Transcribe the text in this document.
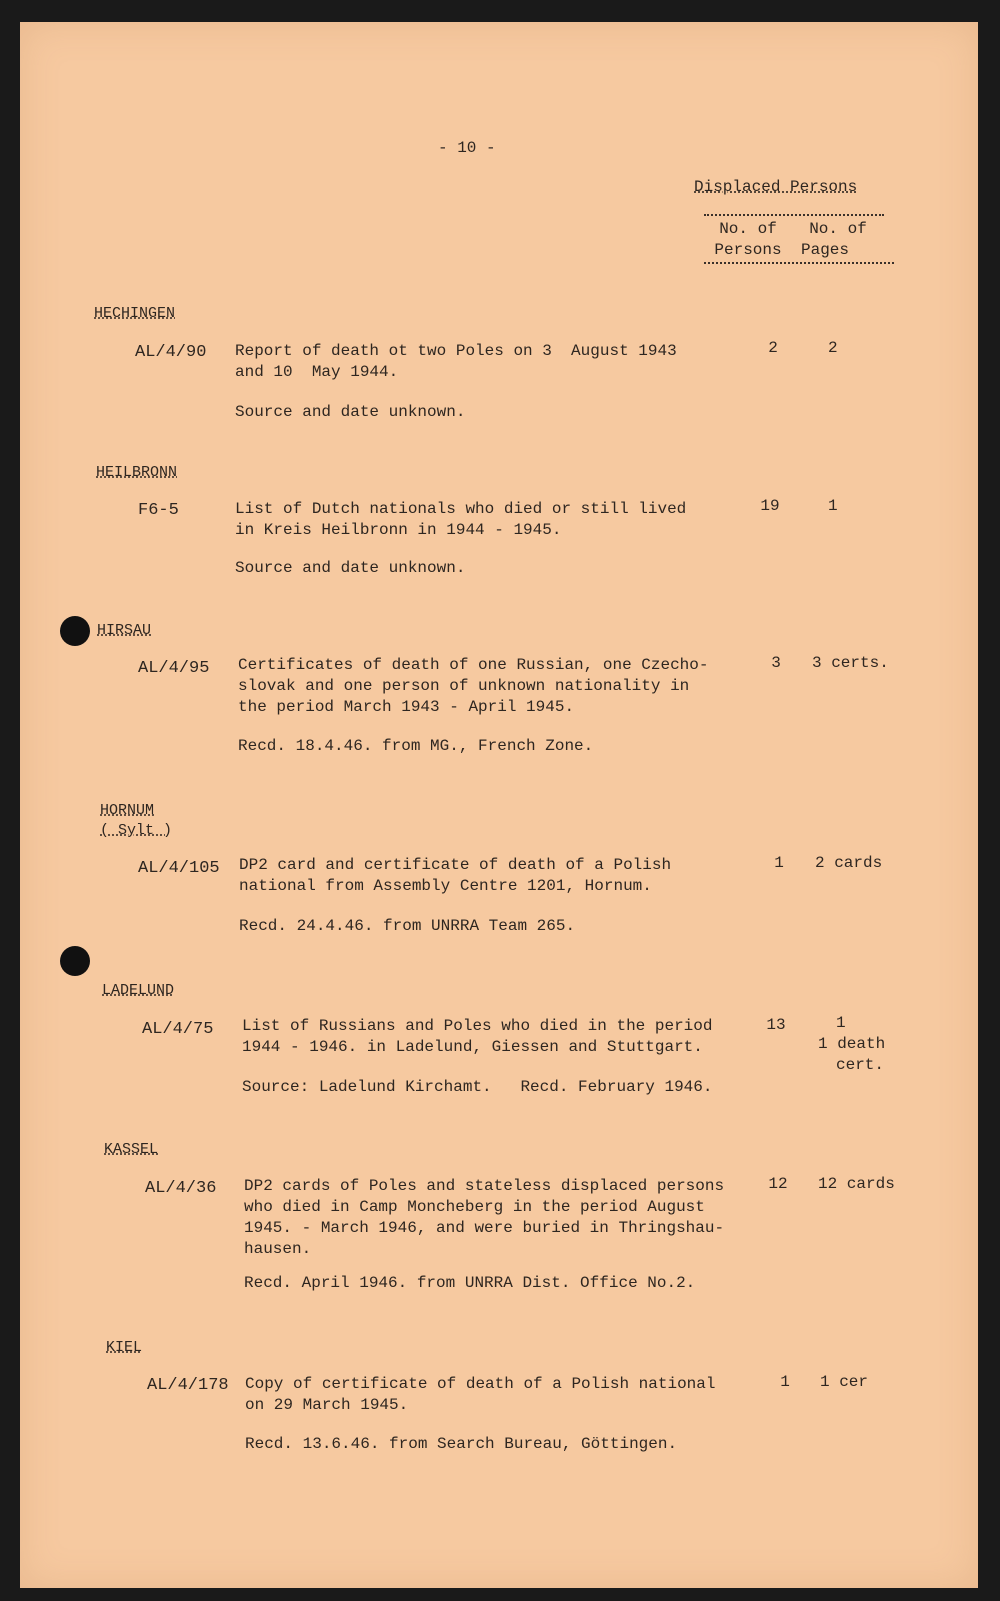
- 10 -
Displaced Persons
No. of
Persons
No. of
Pages
HECHINGEN
AL/4/90 Report of death ot two Poles on 3  August 1943
and 10  May 1944.
Source and date unknown.
2	2
HEILBRONN
F6-5	List of Dutch nationals who died or still lived
in Kreis Heilbronn in 1944 - 1945.
Source and date unknown.
19	1
HIRSAU
AL/4/95 Certificates of death of one Russian, one Czecho-
slovak and one person of unknown nationality in
the period March 1943 - April 1945.
Recd. 18.4.46. from MG., French Zone.
3	3 certs.
HORNUM
( Sylt )
AL/4/105 DP2 card and certificate of death of a Polish
national from Assembly Centre 1201, Hornum.
Recd. 24.4.46. from UNRRA Team 265.
1	2 cards
LADELUND
AL/4/75 List of Russians and Poles who died in the period
1944 - 1946. in Ladelund, Giessen and Stuttgart.
Source: Ladelund Kirchamt.   Recd. February 1946.
13	1
1 death
cert.
KASSEL
AL/4/36 DP2 cards of Poles and stateless displaced persons
who died in Camp Moncheberg in the period August
1945. - March 1946, and were buried in Thringshau-
hausen.
Recd. April 1946. from UNRRA Dist. Office No.2.
12	12 cards
KIEL
AL/4/178 Copy of certificate of death of a Polish national
on 29 March 1945.
Recd. 13.6.46. from Search Bureau, Göttingen.
1	1 cer
